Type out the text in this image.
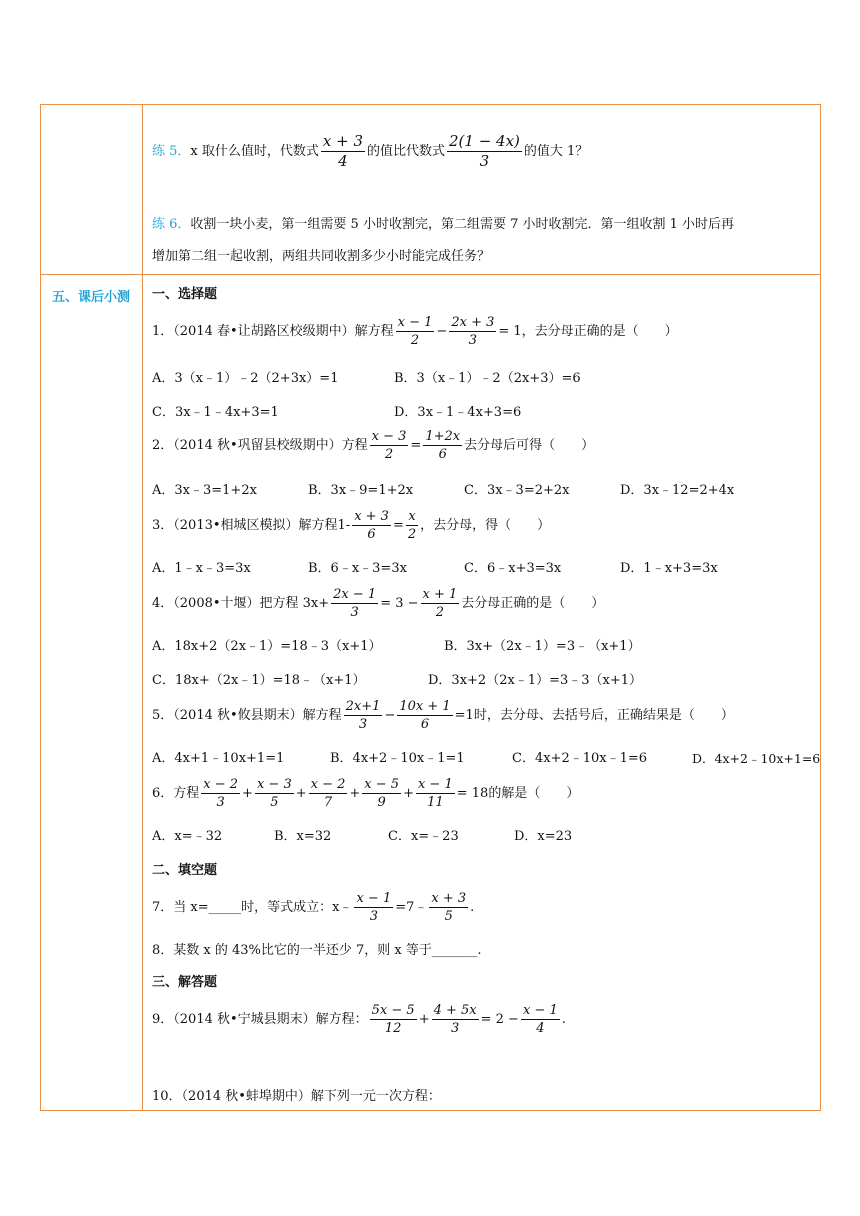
练 5．x 取什么值时，代数式 $\frac{x + 3}{4}$ 的值比代数式 $\frac{2(1 - 4x)}{3}$ 的值大 1？
练 6．收割一块小麦，第一组需要 5 小时收割完，第二组需要 7 小时收割完．第一组收割 1 小时后再
增加第二组一起收割，两组共同收割多少小时能完成任务？
五、课后小测	一、选择题
1．（2014 春•让胡路区校级期中）解方程 $\frac{x - 1}{2} - \frac{2x + 3}{3} = 1$，去分母正确的是（　　）
A．3（x﹣1）﹣2（2+3x）=1	B．3（x﹣1）﹣2（2x+3）=6
C．3x﹣1﹣4x+3=1	D．3x﹣1﹣4x+3=6
2．（2014 秋•巩留县校级期中）方程 $\frac{x - 3}{2} = \frac{1+2x}{6}$ 去分母后可得（　　）
A．3x﹣3=1+2x	B．3x﹣9=1+2x	C．3x﹣3=2+2x	D．3x﹣12=2+4x
3．（2013•相城区模拟）解方程$1- \frac{x + 3}{6} = \frac{x}{2}$ ，去分母，得（　　）
A．1﹣x﹣3=3x	B．6﹣x﹣3=3x	C．6﹣x+3=3x	D．1﹣x+3=3x
4．（2008•十堰）把方程 $3x+ \frac{2x - 1}{3} = 3 - \frac{x + 1}{2}$ 去分母正确的是（　　）
A．18x+2（2x﹣1）=18﹣3（x+1）	B．3x+（2x﹣1）=3﹣（x+1）
C．18x+（2x﹣1）=18﹣（x+1）	D．3x+2（2x﹣1）=3﹣3（x+1）
5．（2014 秋•攸县期末）解方程 $\frac{2x+1}{3} - \frac{10x + 1}{6} =1$时，去分母、去括号后，正确结果是（　　）
A．4x+1﹣10x+1=1	B．4x+2﹣10x﹣1=1	C．4x+2﹣10x﹣1=6	D．4x+2﹣10x+1=6
6．方程 $\frac{x - 2}{3} + \frac{x - 3}{5} + \frac{x - 2}{7} + \frac{x - 5}{9} + \frac{x - 1}{11} = 18$的解是（　　）
A．x=﹣32	B．x=32	C．x=﹣23	D．x=23
二、填空题
7．当 x=_____时，等式成立：x﹣ $\frac{x - 1}{3}$ =7﹣ $\frac{x + 3}{5}$ .
8．某数 x 的 43%比它的一半还少 7，则 x 等于_______.
三、解答题
9．（2014 秋•宁城县期末）解方程： $\frac{5x - 5}{12} + \frac{4 + 5x}{3} = 2 - \frac{x - 1}{4}$ .
10．（2014 秋•蚌埠期中）解下列一元一次方程：
